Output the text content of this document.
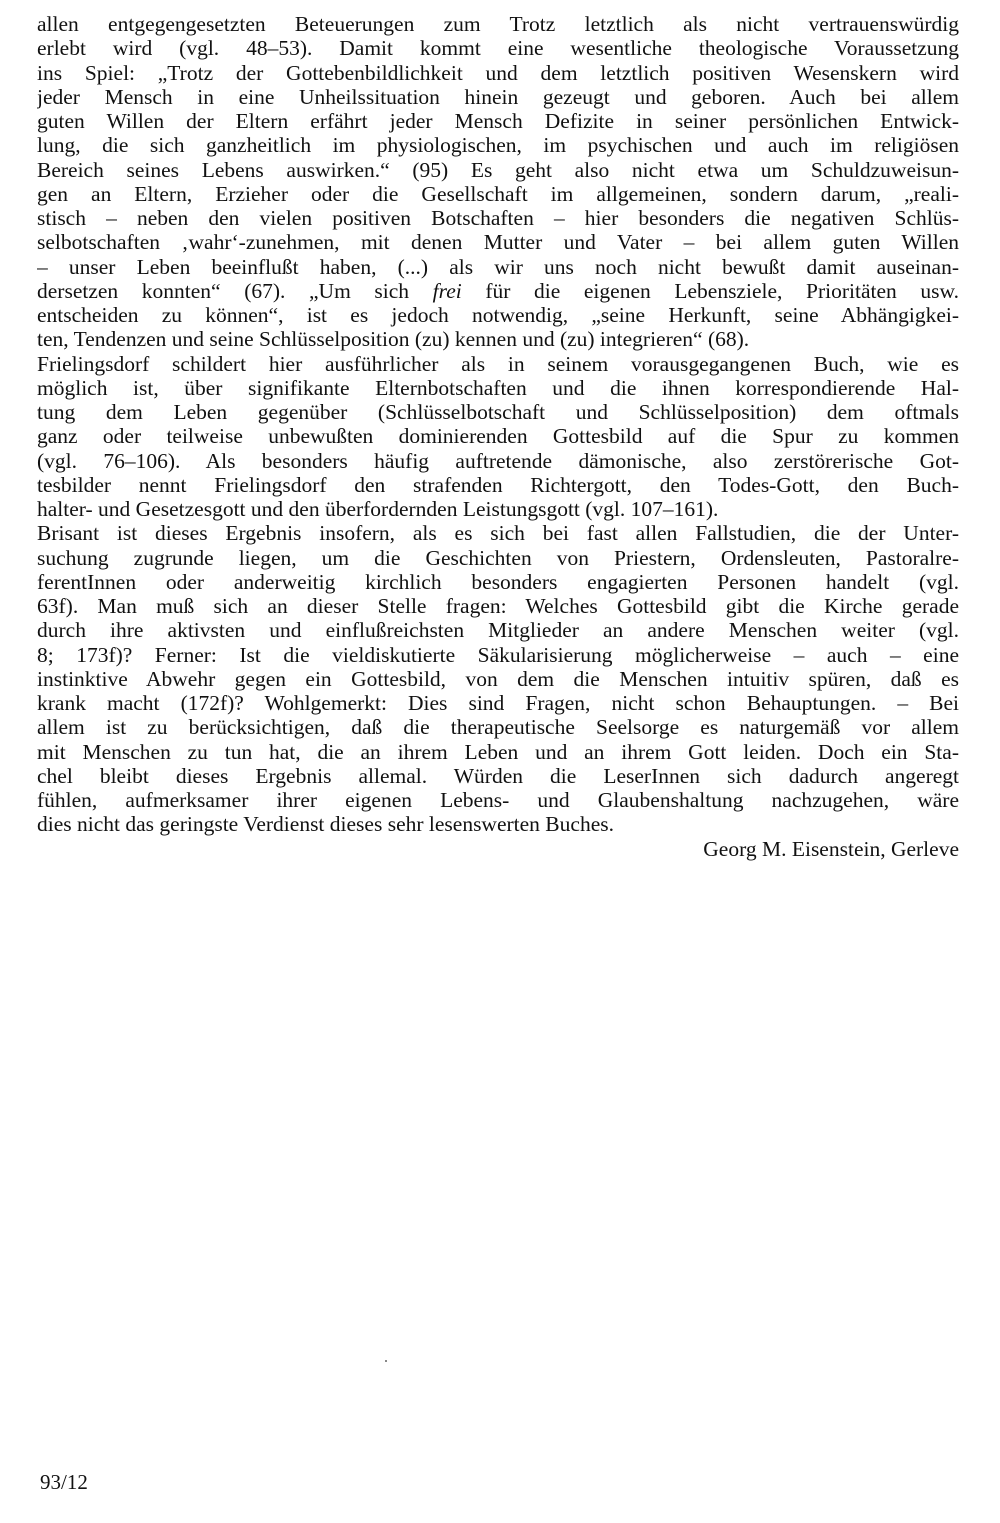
allen entgegengesetzten Beteuerungen zum Trotz letztlich als nicht vertrauenswürdig
erlebt wird (vgl. 48–53). Damit kommt eine wesentliche theologische Voraussetzung
ins Spiel: „Trotz der Gottebenbildlichkeit und dem letztlich positiven Wesenskern wird
jeder Mensch in eine Unheilssituation hinein gezeugt und geboren. Auch bei allem
guten Willen der Eltern erfährt jeder Mensch Defizite in seiner persönlichen Entwick-
lung, die sich ganzheitlich im physiologischen, im psychischen und auch im religiösen
Bereich seines Lebens auswirken.“ (95) Es geht also nicht etwa um Schuldzuweisun-
gen an Eltern, Erzieher oder die Gesellschaft im allgemeinen, sondern darum, „reali-
stisch – neben den vielen positiven Botschaften – hier besonders die negativen Schlüs-
selbotschaften ‚wahr‘-zunehmen, mit denen Mutter und Vater – bei allem guten Willen
– unser Leben beeinflußt haben, (...) als wir uns noch nicht bewußt damit auseinan-
dersetzen konnten“ (67). „Um sich frei für die eigenen Lebensziele, Prioritäten usw.
entscheiden zu können“, ist es jedoch notwendig, „seine Herkunft, seine Abhängigkei-
ten, Tendenzen und seine Schlüsselposition (zu) kennen und (zu) integrieren“ (68).
Frielingsdorf schildert hier ausführlicher als in seinem vorausgegangenen Buch, wie es
möglich ist, über signifikante Elternbotschaften und die ihnen korrespondierende Hal-
tung dem Leben gegenüber (Schlüsselbotschaft und Schlüsselposition) dem oftmals
ganz oder teilweise unbewußten dominierenden Gottesbild auf die Spur zu kommen
(vgl. 76–106). Als besonders häufig auftretende dämonische, also zerstörerische Got-
tesbilder nennt Frielingsdorf den strafenden Richtergott, den Todes-Gott, den Buch-
halter- und Gesetzesgott und den überfordernden Leistungsgott (vgl. 107–161).
Brisant ist dieses Ergebnis insofern, als es sich bei fast allen Fallstudien, die der Unter-
suchung zugrunde liegen, um die Geschichten von Priestern, Ordensleuten, Pastoralre-
ferentInnen oder anderweitig kirchlich besonders engagierten Personen handelt (vgl.
63f). Man muß sich an dieser Stelle fragen: Welches Gottesbild gibt die Kirche gerade
durch ihre aktivsten und einflußreichsten Mitglieder an andere Menschen weiter (vgl.
8; 173f)? Ferner: Ist die vieldiskutierte Säkularisierung möglicherweise – auch – eine
instinktive Abwehr gegen ein Gottesbild, von dem die Menschen intuitiv spüren, daß es
krank macht (172f)? Wohlgemerkt: Dies sind Fragen, nicht schon Behauptungen. – Bei
allem ist zu berücksichtigen, daß die therapeutische Seelsorge es naturgemäß vor allem
mit Menschen zu tun hat, die an ihrem Leben und an ihrem Gott leiden. Doch ein Sta-
chel bleibt dieses Ergebnis allemal. Würden die LeserInnen sich dadurch angeregt
fühlen, aufmerksamer ihrer eigenen Lebens- und Glaubenshaltung nachzugehen, wäre
dies nicht das geringste Verdienst dieses sehr lesenswerten Buches.
Georg M. Eisenstein, Gerleve
93/12
